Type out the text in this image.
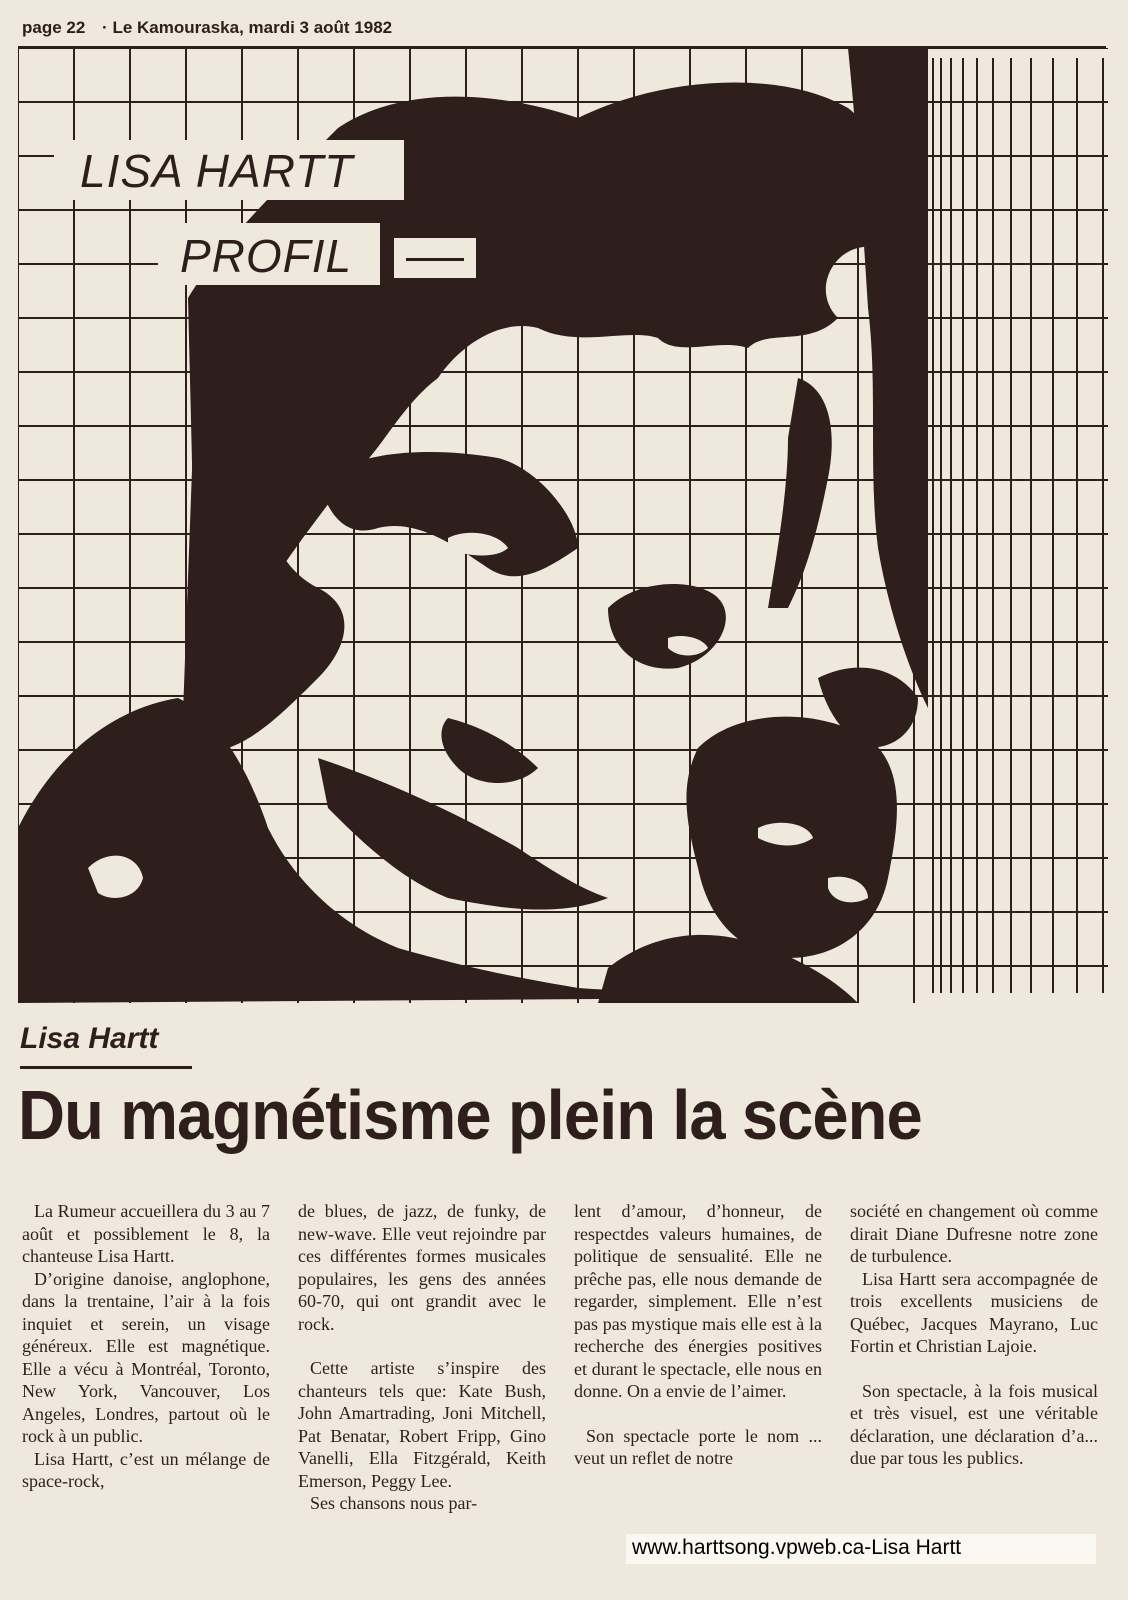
page 22 · Le Kamouraska, mardi 3 août 1982
LISA HARTT
PROFIL
Lisa Hartt
Du magnétisme plein la scène

La Rumeur accueillera du 3 au 7 août et possiblement le 8, la chanteuse Lisa Hartt.

D’origine danoise, anglophone, dans la trentaine, l’air à la fois inquiet et serein, un visage généreux. Elle est magnétique. Elle a vécu à Montréal, Toronto, New York, Vancouver, Los Angeles, Londres, partout où le rock à un public.

Lisa Hartt, c’est un mélange de space-rock,

de blues, de jazz, de funky, de new-wave. Elle veut rejoindre par ces différentes formes musicales populaires, les gens des années 60-70, qui ont grandit avec le rock.

Cette artiste s’inspire des chanteurs tels que: Kate Bush, John Amartrading, Joni Mitchell, Pat Benatar, Robert Fripp, Gino Vanelli, Ella Fitzgérald, Keith Emerson, Peggy Lee.

Ses chansons nous par-

lent d’amour, d’honneur, de respectdes valeurs humaines, de politique de sensualité. Elle ne prêche pas, elle nous demande de regarder, simplement. Elle n’est pas pas mystique mais elle est à la recherche des énergies positives et durant le spectacle, elle nous en donne. On a envie de l’aimer.

Son spectacle porte le nom ... veut un reflet de notre

société en changement où comme dirait Diane Dufresne notre zone de turbulence.

Lisa Hartt sera accompagnée de trois excellents musiciens de Québec, Jacques Mayrano, Luc Fortin et Christian Lajoie.

Son spectacle, à la fois musical et très visuel, est une véritable déclaration, une déclaration d’a... due par tous les publics.

www.harttsong.vpweb.ca-Lisa Hartt
